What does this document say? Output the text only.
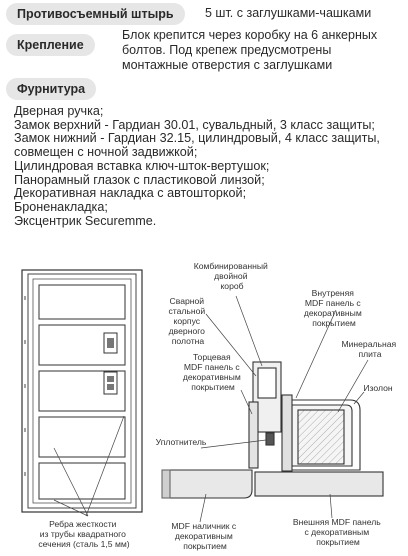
Противосъемный штырь	5 шт. с заглушками-чашками
Крепление
Блок крепится через коробку на 6 анкерных
болтов. Под крепеж предусмотрены
монтажные отверстия с заглушками
Фурнитура
Дверная ручка;
Замок верхний - Гардиан 30.01, сувальдный, 3 класс защиты;
Замок нижний - Гардиан 32.15, цилиндровый, 4 класс защиты,
совмещен с ночной задвижкой;
Цилиндровая вставка ключ-шток-вертушок;
Панорамный глазок с пластиковой линзой;
Декоративная накладка с автошторкой;
Броненакладка;
Эксцентрик Securemme.
Комбинированный двойной короб
Сварной стальной корпус дверного полотна
Внутреняя MDF панель с декоративным покрытием
Минеральная плита
Изолон
Торцевая MDF панель с декоративным покрытием
Уплотнитель
Ребра жесткости из трубы квадратного сечения (сталь 1,5 мм)
MDF наличник с декоративным покрытием
Внешняя MDF панель с декоративным покрытием
